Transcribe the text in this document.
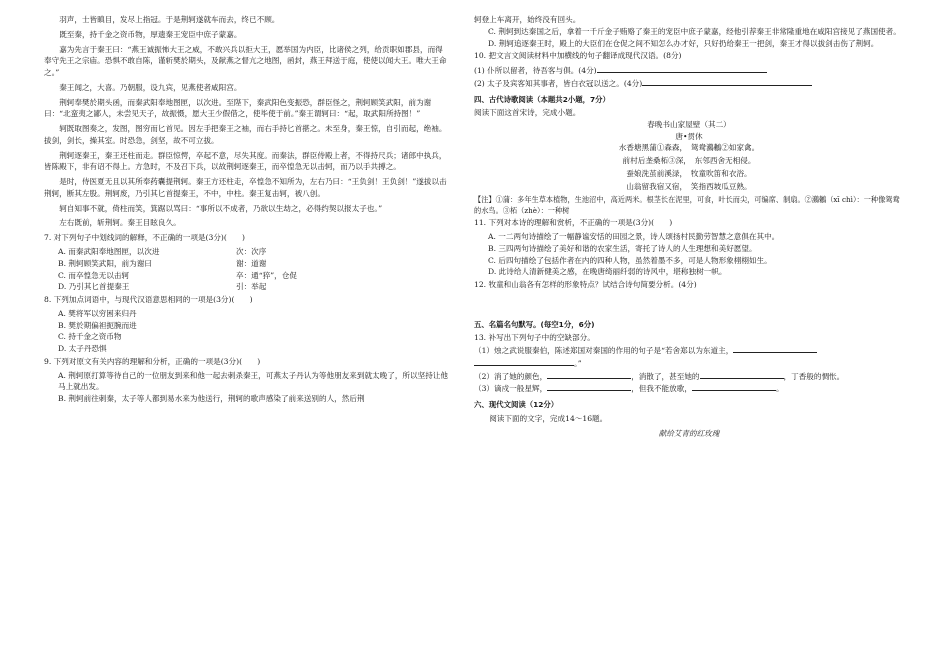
羽声，士皆瞋目，发尽上指冠。于是荆轲遂就车而去，终已不顾。

既至秦，持千金之资币物，厚遗秦王宠臣中庶子蒙嘉。

嘉为先言于秦王曰：“燕王诚振怖大王之威，不敢兴兵以拒大王，愿举国为内臣，比诸侯之列，给贡职如郡县，而得奉守先王之宗庙。恐惧不敢自陈，谨斩樊於期头，及献燕之督亢之地图，函封，燕王拜送于庭，使使以闻大王。唯大王命之。”

秦王闻之，大喜。乃朝服，设九宾，见燕使者咸阳宫。

荆轲奉樊於期头函，而秦武阳奉地图匣，以次进。至陛下，秦武阳色变振恐，群臣怪之，荆轲顾笑武阳，前为谢曰：“北蛮夷之鄙人，未尝见天子，故振慑，愿大王少假借之，使毕使于前。”秦王谓轲曰：“起，取武阳所持图！”

轲既取图奏之，发图，图穷而匕首见。因左手把秦王之袖，而右手持匕首揕之。未至身，秦王惊，自引而起，绝袖。拔剑，剑长，操其室。时恐急，剑坚，故不可立拔。

荆轲逐秦王，秦王还柱而走。群臣惊愕，卒起不意，尽失其度。而秦法，群臣侍殿上者，不得持尺兵；诸郎中执兵，皆陈殿下，非有诏不得上。方急时，不及召下兵，以故荆轲逐秦王，而卒惶急无以击轲，而乃以手共搏之。

是时，侍医夏无且以其所奉药囊提荆轲。秦王方还柱走，卒惶急不知所为，左右乃曰：“王负剑！王负剑！”遂拔以击荆轲，断其左股。荆轲废，乃引其匕首提秦王，不中，中柱。秦王复击轲，被八创。

轲自知事不就，倚柱而笑，箕踞以骂曰：“事所以不成者，乃欲以生劫之，必得约契以报太子也。”

左右既前，斩荆轲。秦王目眩良久。

7. 对下列句子中划线词的解释，不正确的一项是(3分)(　　)

A. 而秦武阳奉地图匣，以次进	次：次序
B. 荆轲顾笑武阳，前为谢曰	谢：道谢
C. 而卒惶急无以击轲	卒：通“猝”，仓促
D. 乃引其匕首提秦王	引：举起

8. 下列加点词语中，与现代汉语意思相同的一项是(3分)(　　)

A. 樊将军以穷困来归丹

B. 樊於期偏袒扼腕而进

C. 持千金之资币物

D. 太子丹恐惧

9. 下列对原文有关内容的理解和分析，正确的一项是(3分)(　　)

A. 荆轲原打算等待自己的一位朋友到来和他一起去刺杀秦王，可燕太子丹认为等他朋友来到就太晚了，所以坚持让他马上就出发。

B. 荆轲前往刺秦，太子等人都到易水来为他送行，荆轲的歌声感染了前来送别的人，然后荆

轲登上车离开，始终没有回头。

C. 荆轲到达秦国之后，拿着一千斤金子贿赂了秦王的宠臣中庶子蒙嘉，经他引荐秦王非常隆重地在咸阳宫接见了燕国使者。

D. 荆轲追逐秦王时，殿上的大臣们在仓促之间不知怎么办才好，只好扔给秦王一把剑，秦王才得以拔剑击伤了荆轲。

10. 把文言文阅读材料中加横线的句子翻译成现代汉语。(8分)

(1) 仆所以留者，待吾客与俱。(4分)

(2) 太子及宾客知其事者，皆白衣冠以送之。(4分)

四、古代诗歌阅读（本题共2小题，7分）

阅读下面这首宋诗，完成小题。

春晚书山家屋壁（其二）

唐•贯休

水香塘黑蒲①森森，　鸳鸯鸂鶒②如家禽。

前村后垄桑柘③深，　东邻西舍无相侵。

蚕娘洗茧前溪渌，　牧童吹笛和衣浴。

山翁留我宿又宿，　笑指西坡瓜豆熟。

【注】①蒲：多年生草本植物，生池沼中，高近两米。根茎长在泥里，可食，叶长而尖，可编席、制扇。②鸂鶒（xī chì）：一种像鸳鸯的水鸟。③柘（zhè）：一种树

11. 下列对本诗的理解和赏析，不正确的一项是(3分)(　　)

A. 一二两句诗描绘了一幅静谧安恬的田园之景，诗人颂扬村民勤劳智慧之意俱在其中。

B. 三四两句诗描绘了美好和谐的农家生活，寄托了诗人的人生理想和美好愿望。

C. 后四句描绘了包括作者在内的四种人物，虽然着墨不多，可是人物形象栩栩如生。

D. 此诗给人清新健美之感，在晚唐绮丽纤弱的诗风中，堪称独树一帜。

12. 牧童和山翁各有怎样的形象特点？试结合诗句简要分析。(4分)

五、名篇名句默写。(每空1分，6分)

13. 补写出下列句子中的空缺部分。

（1）烛之武说服秦伯，陈述郑国对秦国的作用的句子是“若舍郑以为东道主，

。”

（2）消了她的颜色，	，消散了，甚至她的	，丁香般的惆怅。

（3）谪戍一般星辉，	，但我不能放歌，	。

六、现代文阅读（12分）

阅读下面的文字，完成14～16题。

献给艾青的红玫瑰
